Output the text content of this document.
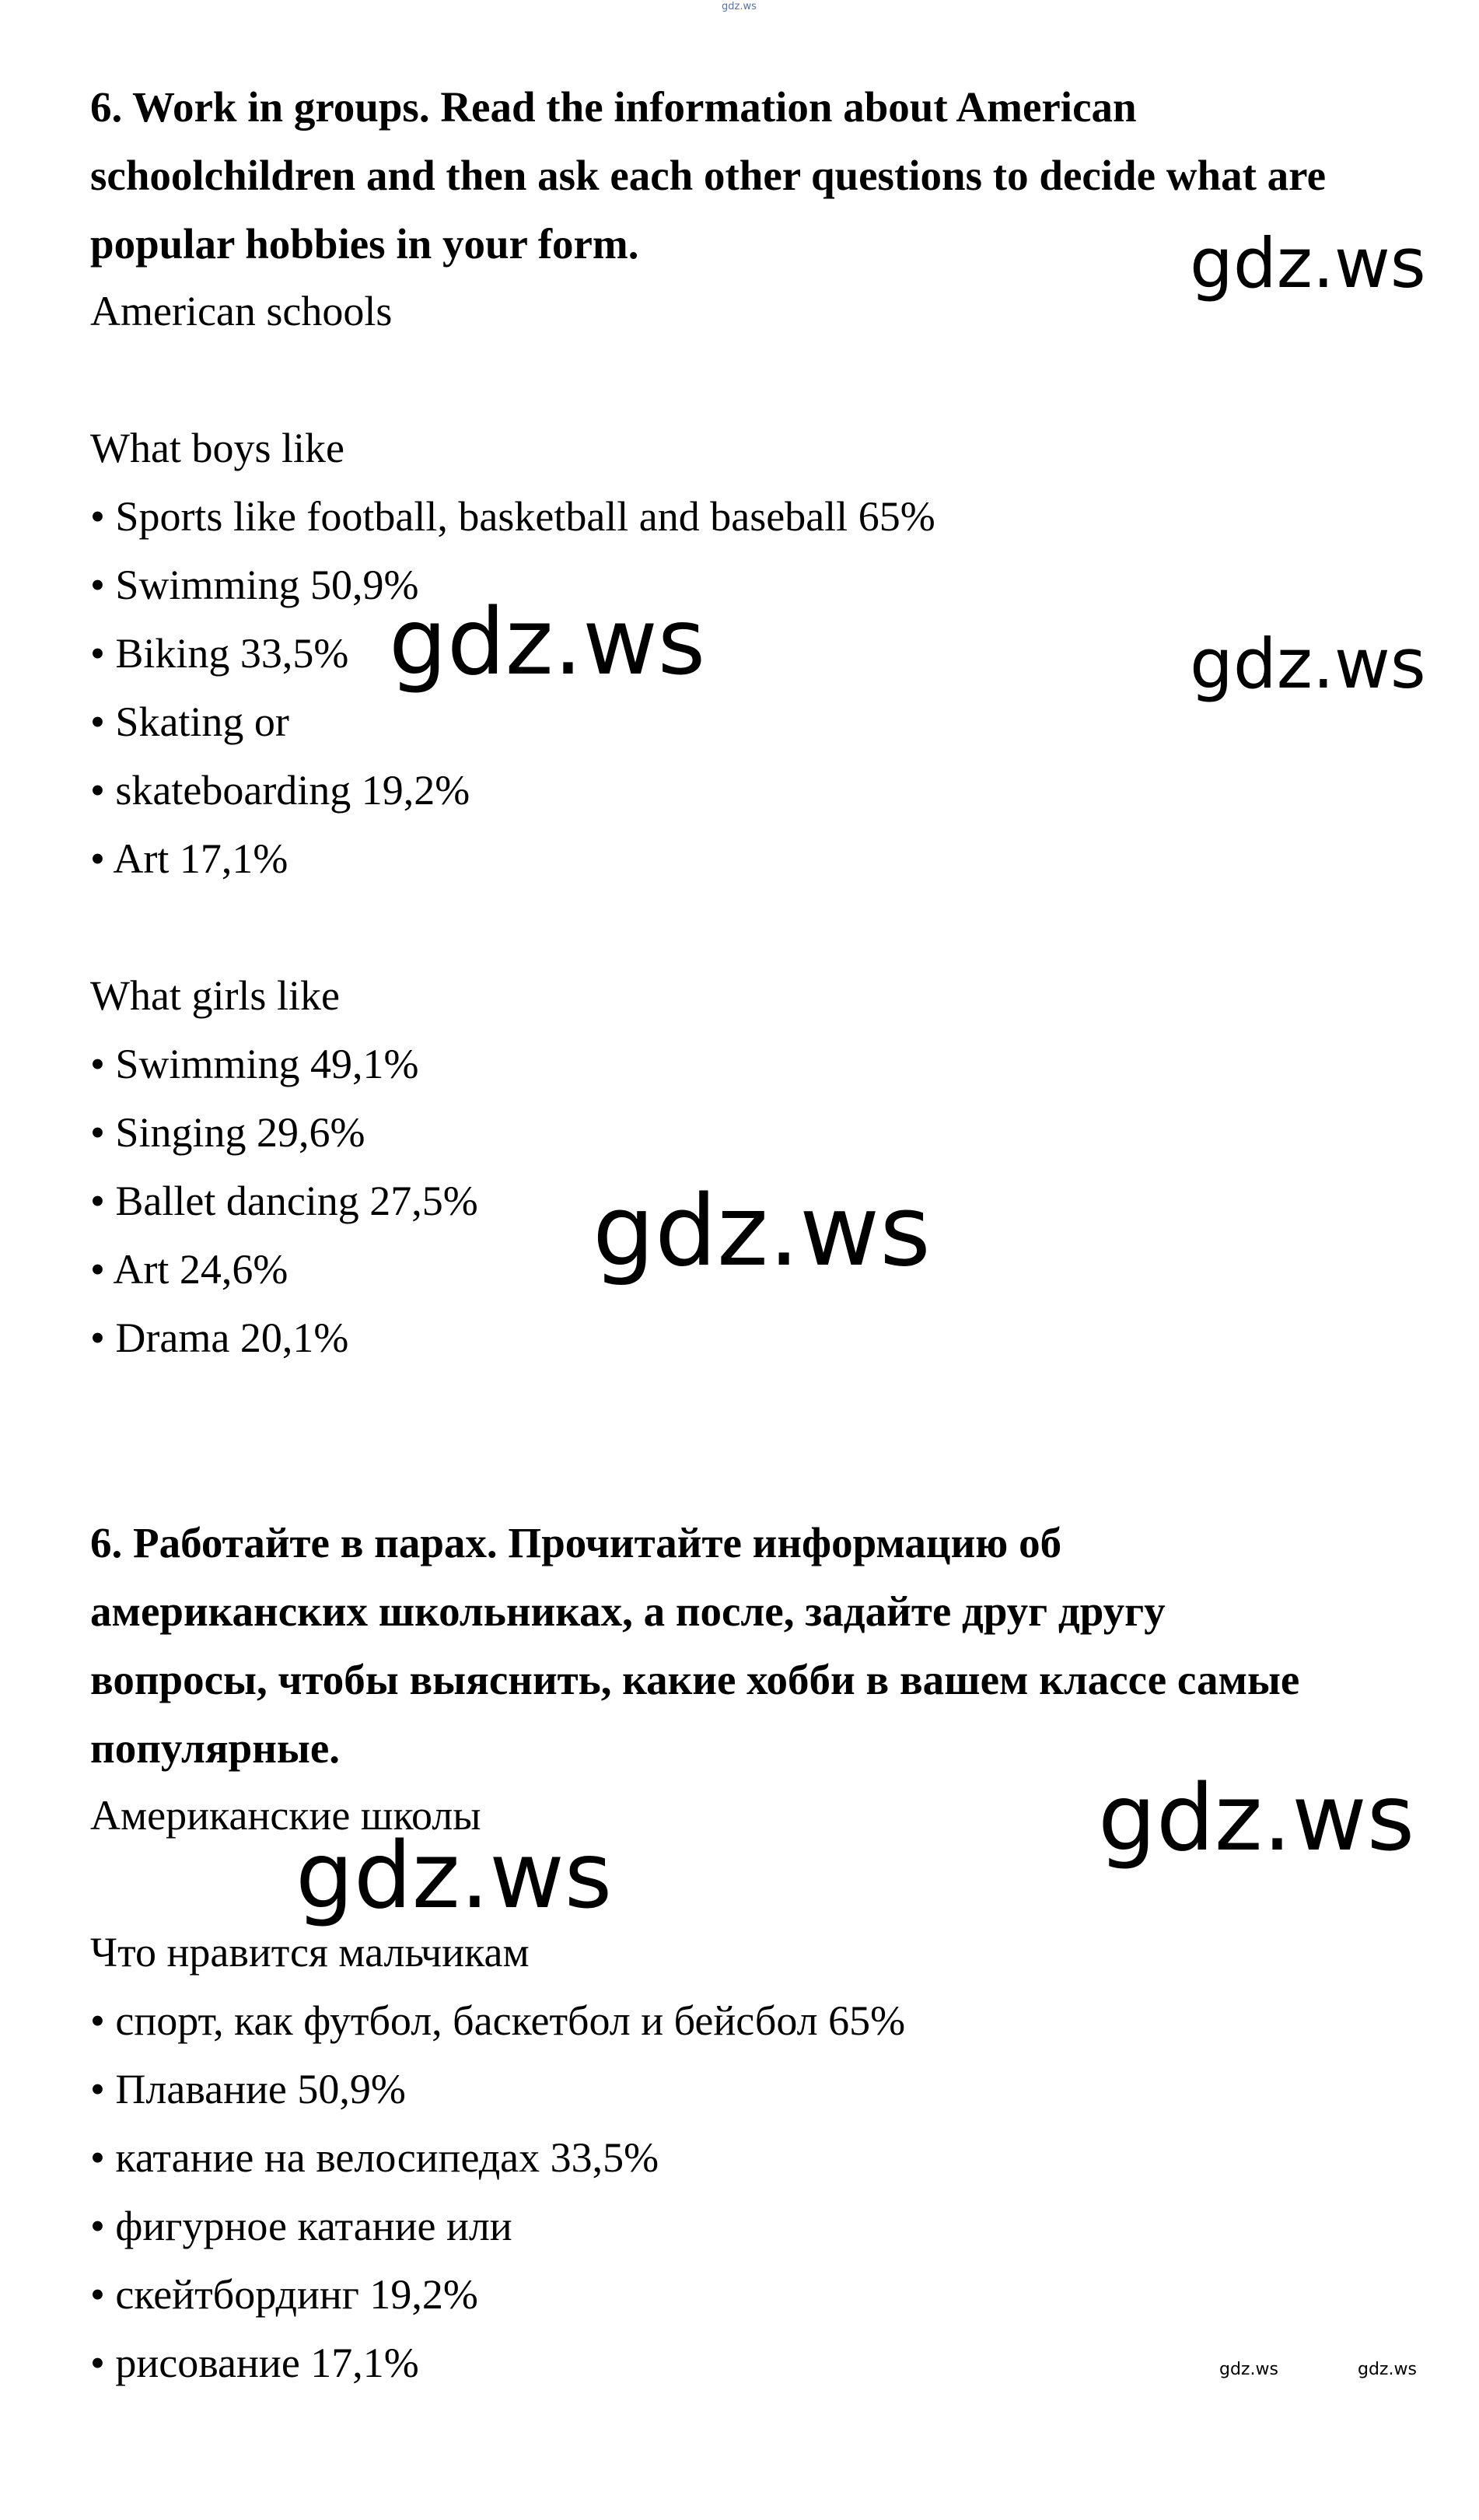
gdz.ws
6. Work in groups. Read the information about American
schoolchildren and then ask each other questions to decide what are
popular hobbies in your form.
American schools
What boys like
• Sports like football, basketball and baseball 65%
• Swimming 50,9%
• Biking 33,5%
• Skating or
• skateboarding 19,2%
• Art 17,1%
What girls like
• Swimming 49,1%
• Singing 29,6%
• Ballet dancing 27,5%
• Art 24,6%
• Drama 20,1%
6. Работайте в парах. Прочитайте информацию об
американских школьниках, а после, задайте друг другу
вопросы, чтобы выяснить, какие хобби в вашем классе самые
популярные.
Американские школы
Что нравится мальчикам
• спорт, как футбол, баскетбол и бейсбол 65%
• Плавание 50,9%
• катание на велосипедах 33,5%
• фигурное катание или
• скейтбординг 19,2%
• рисование 17,1%
gdz.ws
gdz.ws	gdz.ws
gdz.ws
gdz.ws
gdz.ws
gdz.ws	gdz.ws
